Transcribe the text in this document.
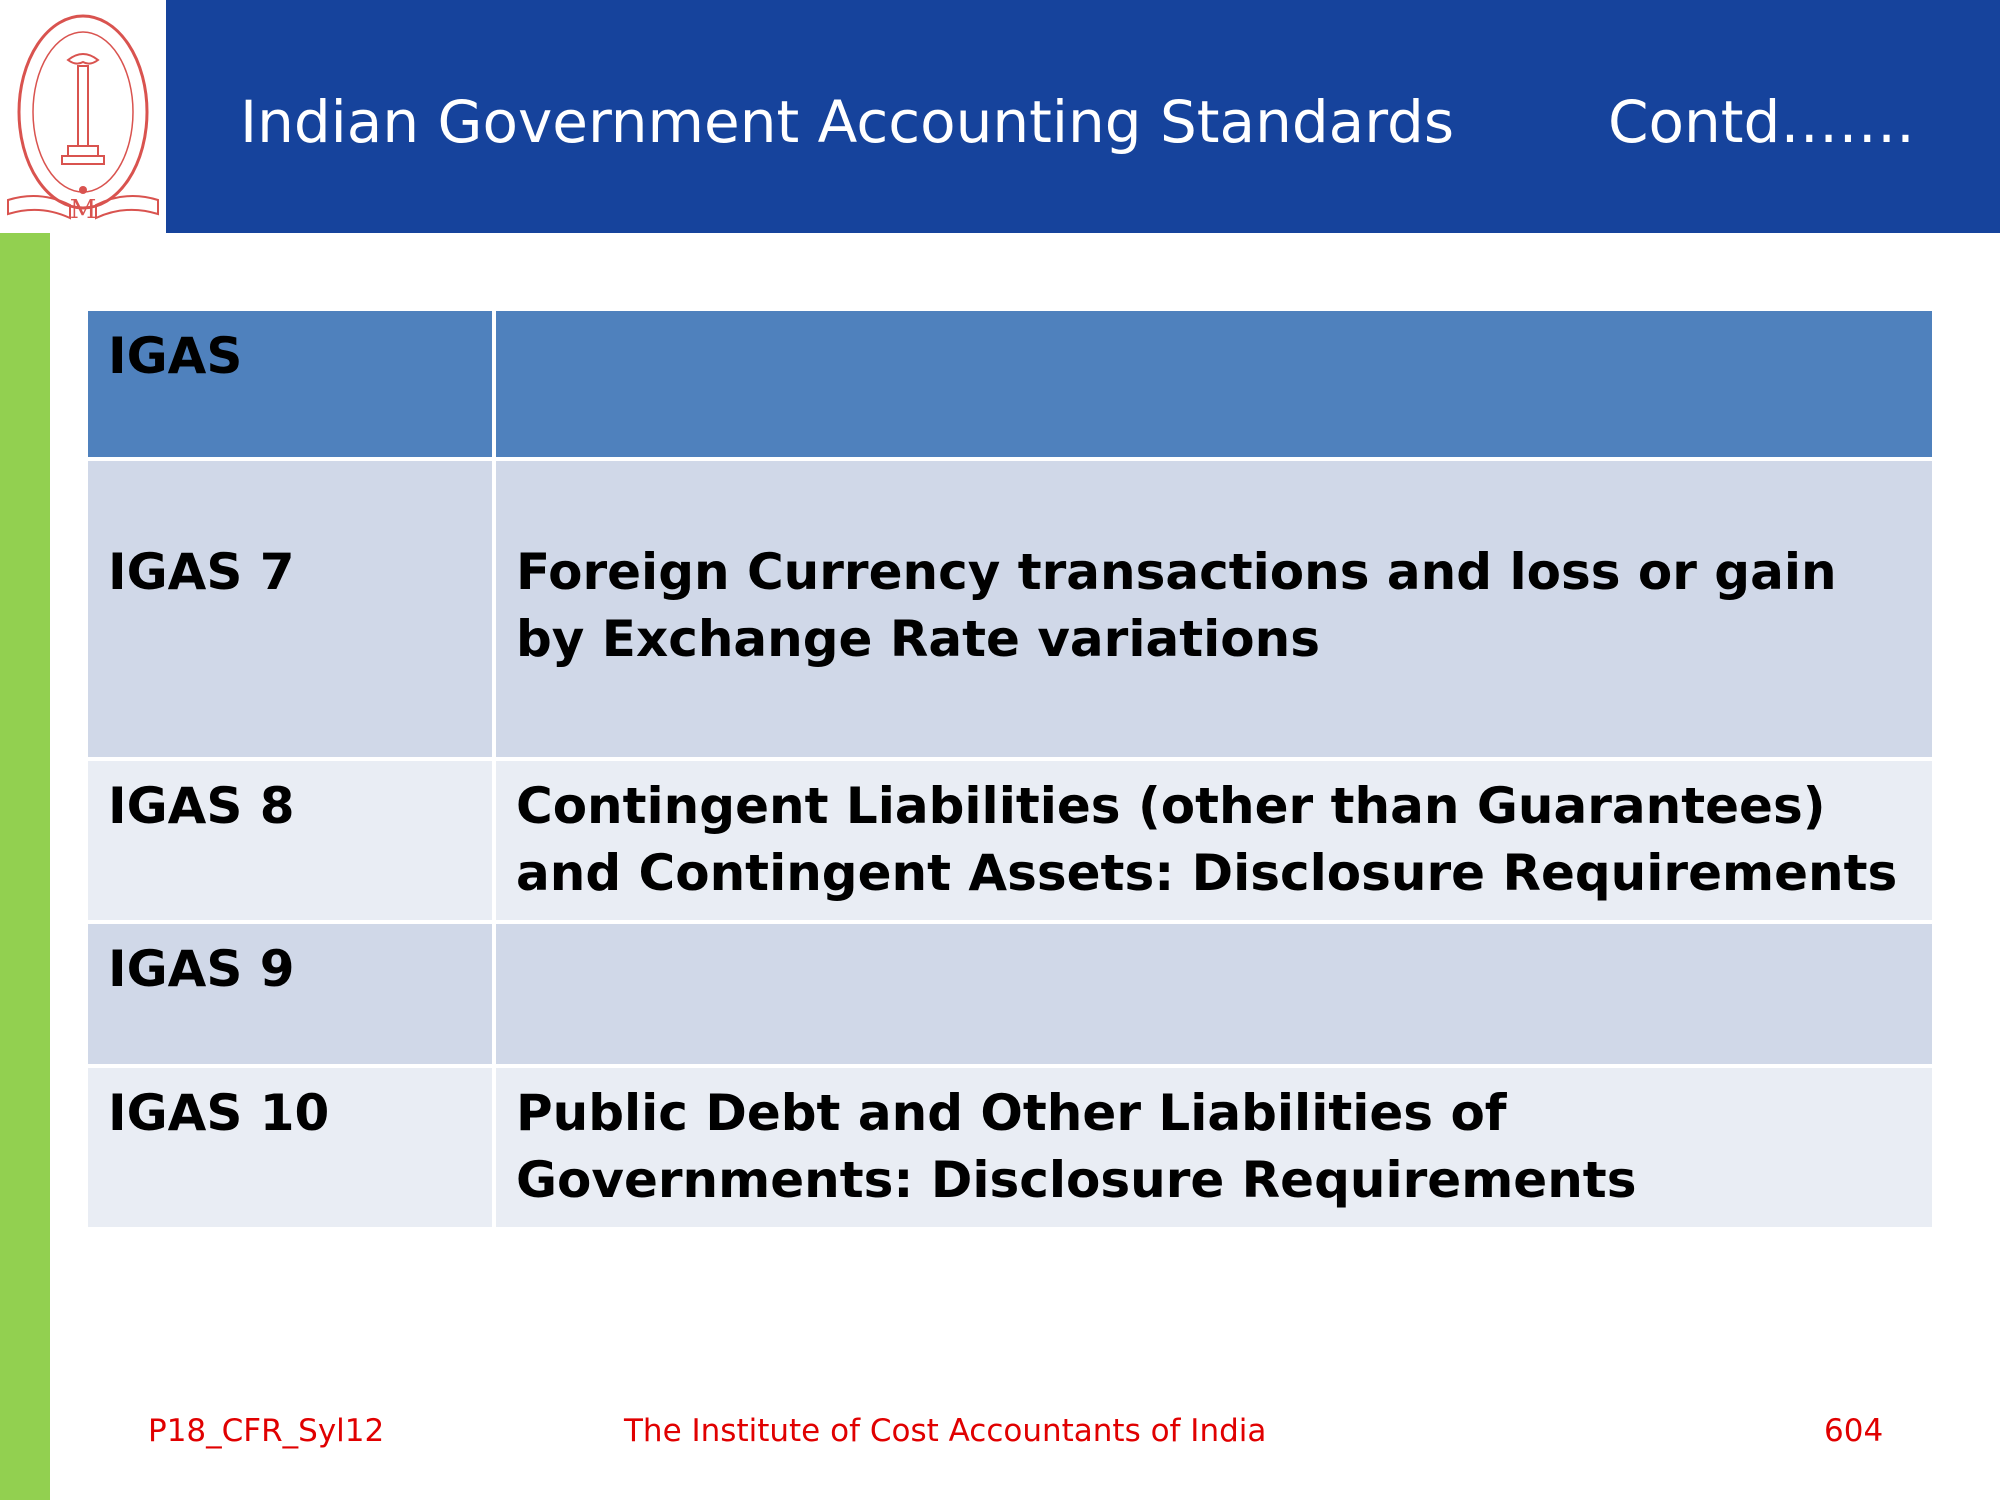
M
Indian Government Accounting Standards	Contd…….
IGAS	
IGAS 7	Foreign Currency transactions and loss or gain by Exchange Rate variations
IGAS 8	Contingent Liabilities (other than Guarantees) and Contingent Assets: Disclosure Requirements
IGAS 9	
IGAS 10	Public Debt and Other Liabilities of Governments: Disclosure Requirements
P18_CFR_Syl12	The Institute of Cost Accountants of India	604
